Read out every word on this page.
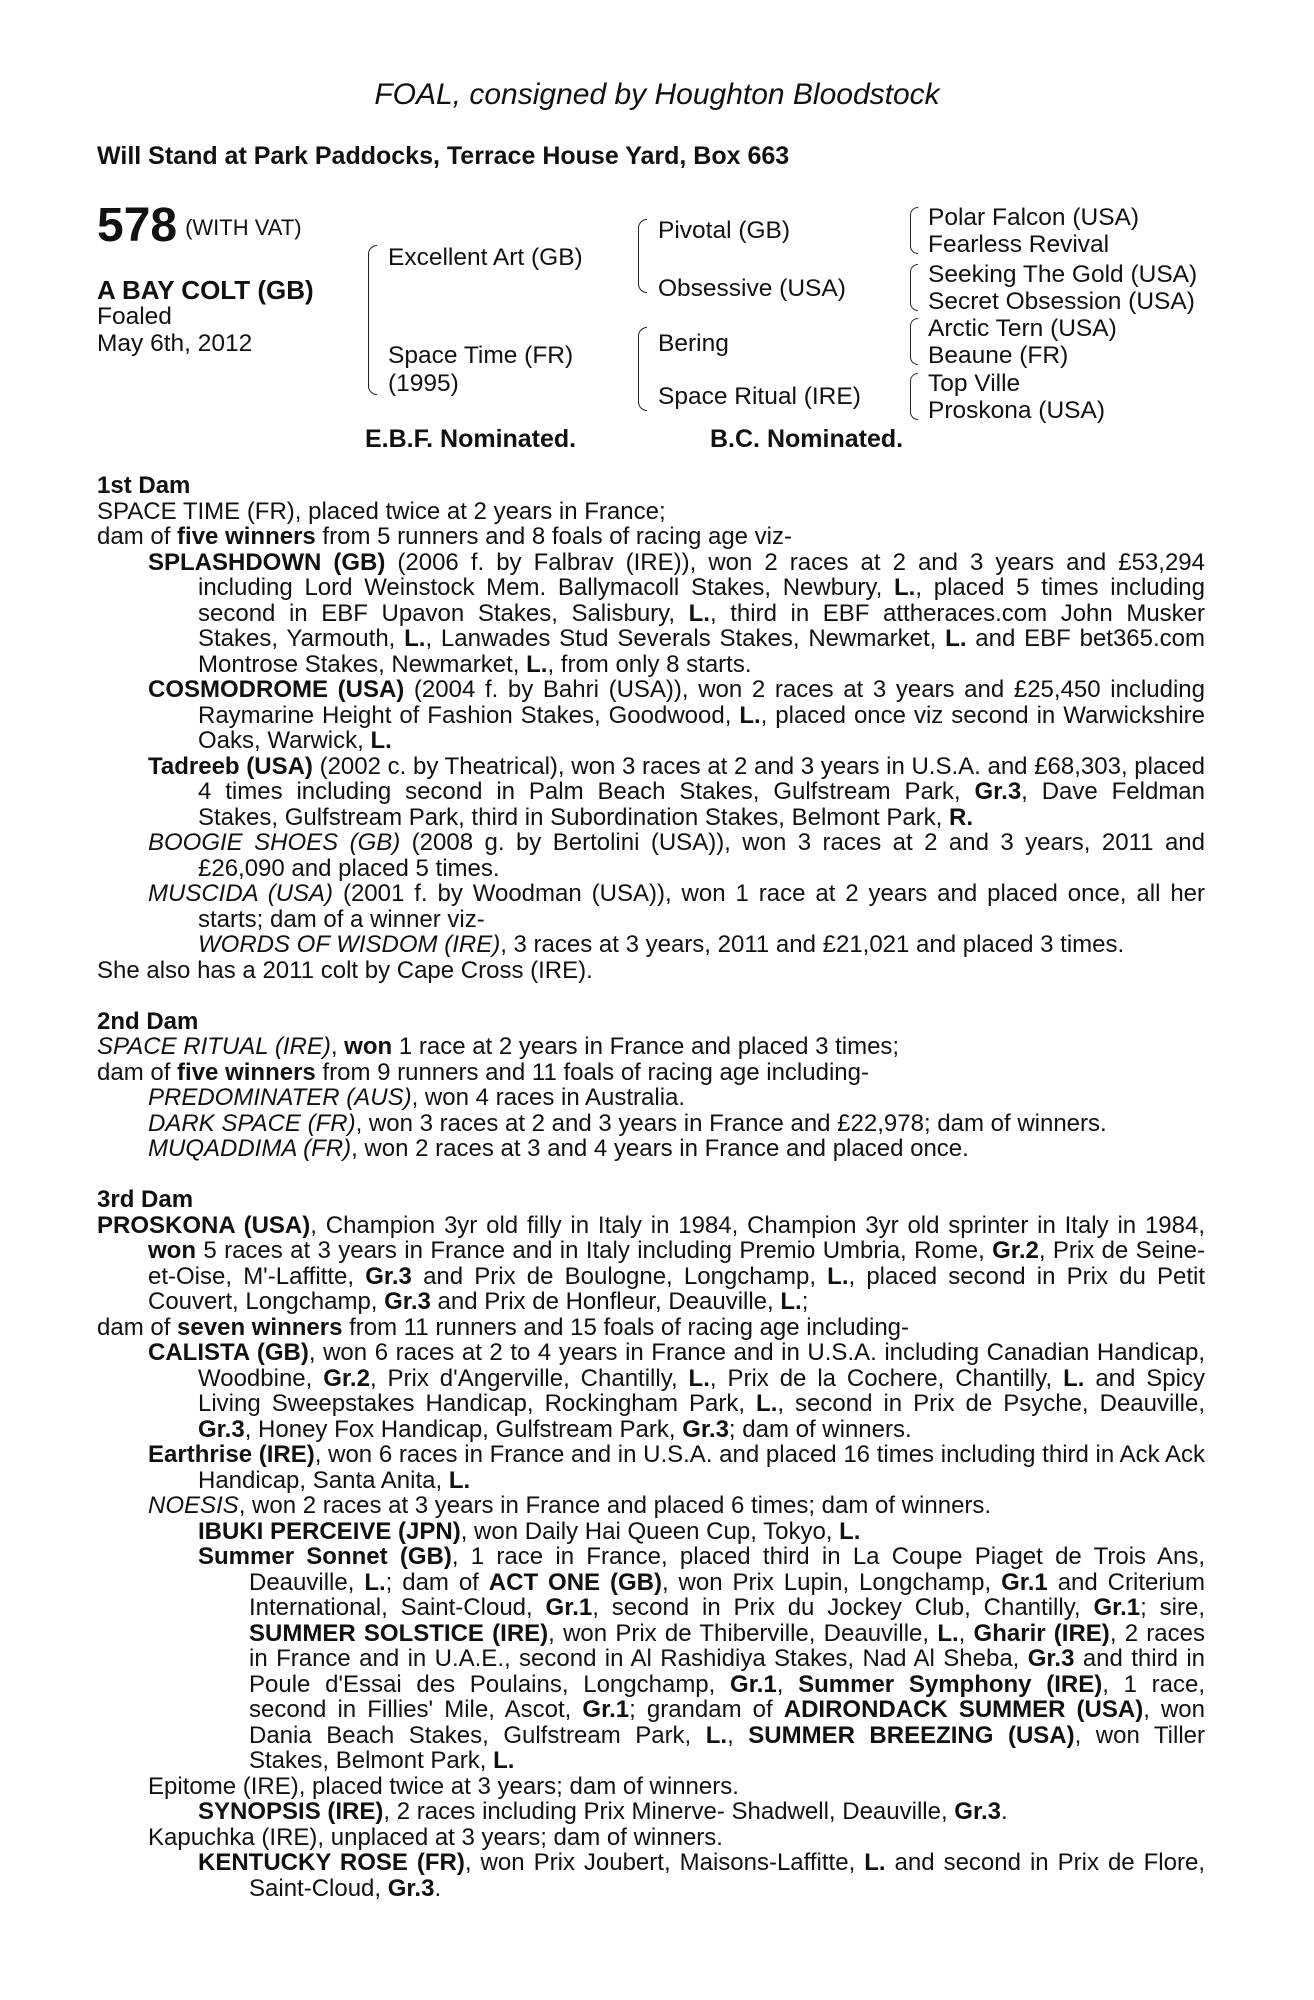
FOAL, consigned by Houghton Bloodstock
Will Stand at Park Paddocks, Terrace House Yard, Box 663
578 (WITH VAT)
A BAY COLT (GB)
Foaled
May 6th, 2012
Excellent Art (GB)
Space Time (FR)
(1995)
Pivotal (GB)
Obsessive (USA)
Bering
Space Ritual (IRE)
Polar Falcon (USA)
Fearless Revival
Seeking The Gold (USA)
Secret Obsession (USA)
Arctic Tern (USA)
Beaune (FR)
Top Ville
Proskona (USA)
E.B.F. Nominated.	B.C. Nominated.

1st Dam

SPACE TIME (FR), placed twice at 2 years in France;

dam of five winners from 5 runners and 8 foals of racing age viz-

SPLASHDOWN (GB) (2006 f. by Falbrav (IRE)), won 2 races at 2 and 3 years and £53,294 including Lord Weinstock Mem. Ballymacoll Stakes, Newbury, L., placed 5 times including second in EBF Upavon Stakes, Salisbury, L., third in EBF attheraces.com John Musker Stakes, Yarmouth, L., Lanwades Stud Severals Stakes, Newmarket, L. and EBF bet365.com Montrose Stakes, Newmarket, L., from only 8 starts.

COSMODROME (USA) (2004 f. by Bahri (USA)), won 2 races at 3 years and £25,450 including Raymarine Height of Fashion Stakes, Goodwood, L., placed once viz second in Warwickshire Oaks, Warwick, L.

Tadreeb (USA) (2002 c. by Theatrical), won 3 races at 2 and 3 years in U.S.A. and £68,303, placed 4 times including second in Palm Beach Stakes, Gulfstream Park, Gr.3, Dave Feldman Stakes, Gulfstream Park, third in Subordination Stakes, Belmont Park, R.

BOOGIE SHOES (GB) (2008 g. by Bertolini (USA)), won 3 races at 2 and 3 years, 2011 and £26,090 and placed 5 times.

MUSCIDA (USA) (2001 f. by Woodman (USA)), won 1 race at 2 years and placed once, all her starts; dam of a winner viz-

WORDS OF WISDOM (IRE), 3 races at 3 years, 2011 and £21,021 and placed 3 times.

She also has a 2011 colt by Cape Cross (IRE).

2nd Dam

SPACE RITUAL (IRE), won 1 race at 2 years in France and placed 3 times;

dam of five winners from 9 runners and 11 foals of racing age including-

PREDOMINATER (AUS), won 4 races in Australia.

DARK SPACE (FR), won 3 races at 2 and 3 years in France and £22,978; dam of winners.

MUQADDIMA (FR), won 2 races at 3 and 4 years in France and placed once.

3rd Dam

PROSKONA (USA), Champion 3yr old filly in Italy in 1984, Champion 3yr old sprinter in Italy in 1984, won 5 races at 3 years in France and in Italy including Premio Umbria, Rome, Gr.2, Prix de Seine-et-Oise, M'-Laffitte, Gr.3 and Prix de Boulogne, Longchamp, L., placed second in Prix du Petit Couvert, Longchamp, Gr.3 and Prix de Honfleur, Deauville, L.;

dam of seven winners from 11 runners and 15 foals of racing age including-

CALISTA (GB), won 6 races at 2 to 4 years in France and in U.S.A. including Canadian Handicap, Woodbine, Gr.2, Prix d'Angerville, Chantilly, L., Prix de la Cochere, Chantilly, L. and Spicy Living Sweepstakes Handicap, Rockingham Park, L., second in Prix de Psyche, Deauville, Gr.3, Honey Fox Handicap, Gulfstream Park, Gr.3; dam of winners.

Earthrise (IRE), won 6 races in France and in U.S.A. and placed 16 times including third in Ack Ack Handicap, Santa Anita, L.

NOESIS, won 2 races at 3 years in France and placed 6 times; dam of winners.

IBUKI PERCEIVE (JPN), won Daily Hai Queen Cup, Tokyo, L.

Summer Sonnet (GB), 1 race in France, placed third in La Coupe Piaget de Trois Ans, Deauville, L.; dam of ACT ONE (GB), won Prix Lupin, Longchamp, Gr.1 and Criterium International, Saint-Cloud, Gr.1, second in Prix du Jockey Club, Chantilly, Gr.1; sire, SUMMER SOLSTICE (IRE), won Prix de Thiberville, Deauville, L., Gharir (IRE), 2 races in France and in U.A.E., second in Al Rashidiya Stakes, Nad Al Sheba, Gr.3 and third in Poule d'Essai des Poulains, Longchamp, Gr.1, Summer Symphony (IRE), 1 race, second in Fillies' Mile, Ascot, Gr.1; grandam of ADIRONDACK SUMMER (USA), won Dania Beach Stakes, Gulfstream Park, L., SUMMER BREEZING (USA), won Tiller Stakes, Belmont Park, L.

Epitome (IRE), placed twice at 3 years; dam of winners.

SYNOPSIS (IRE), 2 races including Prix Minerve- Shadwell, Deauville, Gr.3.

Kapuchka (IRE), unplaced at 3 years; dam of winners.

KENTUCKY ROSE (FR), won Prix Joubert, Maisons-Laffitte, L. and second in Prix de Flore, Saint-Cloud, Gr.3.
